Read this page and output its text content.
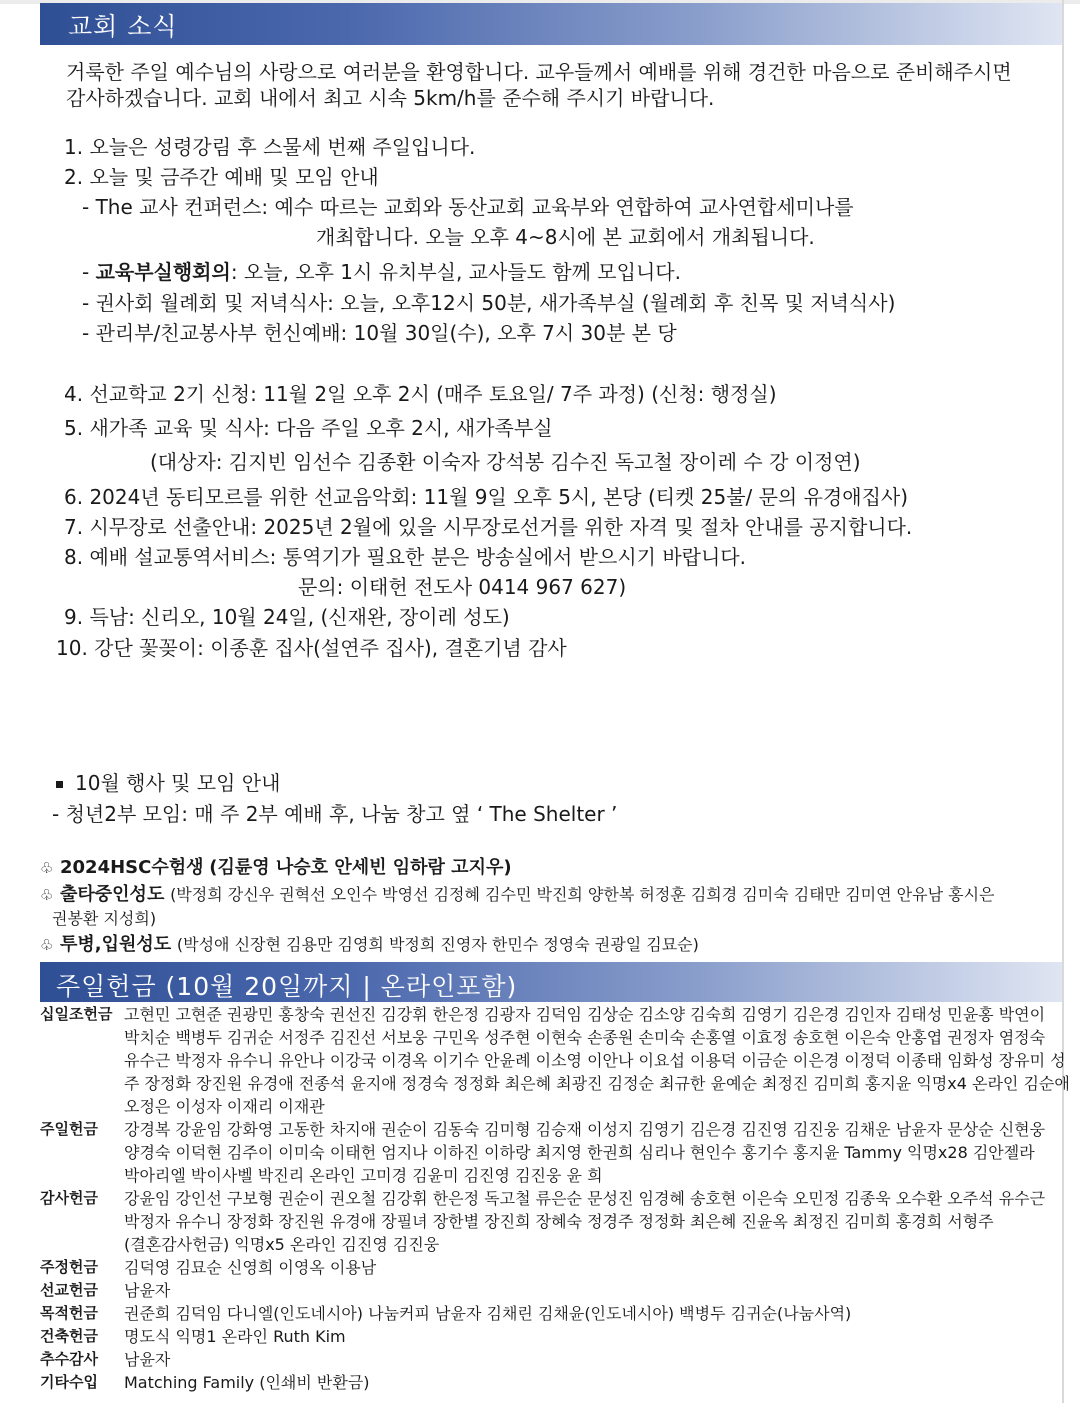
교회 소식
거룩한 주일 예수님의 사랑으로 여러분을 환영합니다. 교우들께서 예배를 위해 경건한 마음으로 준비해주시면 감사하겠습니다. 교회 내에서 최고 시속 5km/h를 준수해 주시기 바랍니다.
1. 오늘은 성령강림 후 스물세 번째 주일입니다.
2. 오늘 및 금주간 예배 및 모임 안내
- The 교사 컨퍼런스: 예수 따르는 교회와 동산교회 교육부와 연합하여 교사연합세미나를
개최합니다. 오늘 오후 4~8시에 본 교회에서 개최됩니다.
- 교육부실행회의: 오늘, 오후 1시 유치부실, 교사들도 함께 모입니다.
- 권사회 월례회 및 저녁식사: 오늘, 오후12시 50분, 새가족부실 (월례회 후 친목 및 저녁식사)
- 관리부/친교봉사부 헌신예배: 10월 30일(수), 오후 7시 30분 본 당
4. 선교학교 2기 신청: 11월 2일 오후 2시 (매주 토요일/ 7주 과정) (신청: 행정실)
5. 새가족 교육 및 식사: 다음 주일 오후 2시, 새가족부실
(대상자: 김지빈 임선수 김종환 이숙자 강석봉 김수진 독고철 장이레 수 강 이정연)
6. 2024년 동티모르를 위한 선교음악회: 11월 9일 오후 5시, 본당 (티켓 25불/ 문의 유경애집사)
7. 시무장로 선출안내: 2025년 2월에 있을 시무장로선거를 위한 자격 및 절차 안내를 공지합니다.
8. 예배 설교통역서비스: 통역기가 필요한 분은 방송실에서 받으시기 바랍니다.
문의: 이태헌 전도사 0414 967 627)
9. 득남: 신리오, 10월 24일, (신재완, 장이레 성도)
10. 강단 꽃꽂이: 이종훈 집사(설연주 집사), 결혼기념 감사
10월 행사 및 모임 안내
- 청년2부 모임: 매 주 2부 예배 후, 나눔 창고 옆 ‘ The Shelter ’
♧ 2024HSC수험생 (김륜영 나승호 안세빈 임하람 고지우)
♧ 출타중인성도 (박정희 강신우 권혁선 오인수 박영선 김정혜 김수민 박진희 양한복 허정훈 김희경 김미숙 김태만 김미연 안유남 홍시은
권봉환 지성희)
♧ 투병,입원성도 (박성애 신장현 김용만 김영희 박정희 진영자 한민수 정영숙 권광일 김묘순)
주일헌금 (10월 20일까지 | 온라인포함)
십일조헌금 고현민 고현준 권광민 홍창숙 권선진 김강휘 한은정 김광자 김덕임 김상순 김소양 김숙희 김영기 김은경 김인자 김태성 민윤홍 박연이 박치순 백병두 김귀순 서정주 김진선 서보웅 구민옥 성주현 이현숙 손종원 손미숙 손홍열 이효정 송호현 이은숙 안홍엽 권정자 염정숙 유수근 박정자 유수니 유안나 이강국 이경옥 이기수 안윤례 이소영 이안나 이요섭 이용덕 이금순 이은경 이정덕 이종태 임화성 장유미 성 주 장정화 장진원 유경애 전종석 윤지애 정경숙 정정화 최은혜 최광진 김정순 최규한 윤예순 최정진 김미희 홍지윤 익명x4 온라인 김순애 오정은 이성자 이재리 이재관
주일헌금	강경복 강윤임 강화영 고동한 차지애 권순이 김동숙 김미형 김승재 이성지 김영기 김은경 김진영 김진웅 김채운 남윤자 문상순 신현웅 양경숙 이덕현 김주이 이미숙 이태헌 엄지나 이하진 이하랑 최지영 한권희 심리나 현인수 홍기수 홍지윤 Tammy 익명x28 김안젤라 박아리엘 박이사벨 박진리 온라인 고미경 김윤미 김진영 김진웅 윤 희
감사헌금	강윤임 강인선 구보형 권순이 권오철 김강휘 한은정 독고철 류은순 문성진 임경혜 송호현 이은숙 오민정 김종욱 오수환 오주석 유수근 박정자 유수니 장정화 장진원 유경애 장필녀 장한별 장진희 장혜숙 정경주 정정화 최은혜 진윤옥 최정진 김미희 홍경희 서형주(결혼감사헌금) 익명x5 온라인 김진영 김진웅
주정헌금	김덕영 김묘순 신영희 이영옥 이용남
선교헌금	남윤자
목적헌금	권준희 김덕임 다니엘(인도네시아) 나눔커피 남윤자 김채린 김채윤(인도네시아) 백병두 김귀순(나눔사역)
건축헌금	명도식 익명1 온라인 Ruth Kim
추수감사	남윤자
기타수입	Matching Family (인쇄비 반환금)
